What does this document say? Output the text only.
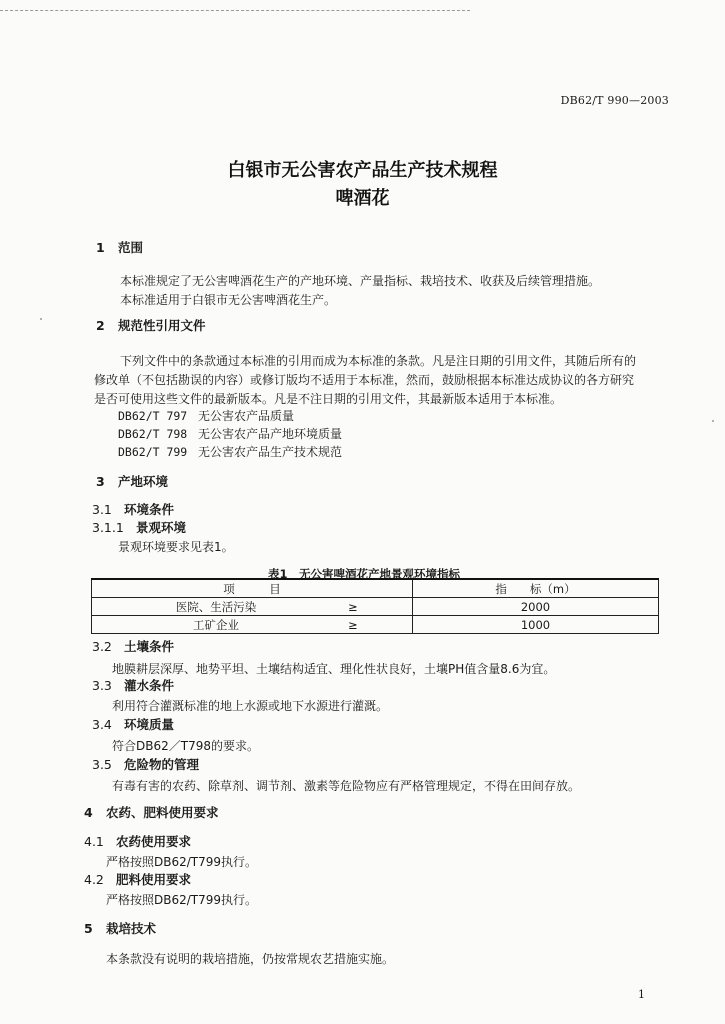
DB62/T 990—2003
白银市无公害农产品生产技术规程
啤酒花
1 范围
本标准规定了无公害啤酒花生产的产地环境、产量指标、栽培技术、收获及后续管理措施。
本标准适用于白银市无公害啤酒花生产。
2 规范性引用文件
下列文件中的条款通过本标准的引用而成为本标准的条款。凡是注日期的引用文件，其随后所有的
修改单（不包括勘误的内容）或修订版均不适用于本标准，然而，鼓励根据本标准达成协议的各方研究
是否可使用这些文件的最新版本。凡是不注日期的引用文件，其最新版本适用于本标准。
DB62/T 797 无公害农产品质量
DB62/T 798 无公害农产品产地环境质量
DB62/T 799 无公害农产品生产技术规范
3 产地环境
3.1 环境条件
3.1.1 景观环境
景观环境要求见表1。
表1　无公害啤酒花产地景观环境指标
项　　　目		指　　标（m）
医院、生活污染	≥	2000
工矿企业	≥	1000
3.2 土壤条件
地膜耕层深厚、地势平坦、土壤结构适宜、理化性状良好，土壤PH值含量8.6为宜。
3.3 灌水条件
利用符合灌溉标准的地上水源或地下水源进行灌溉。
3.4 环境质量
符合DB62／T798的要求。
3.5 危险物的管理
有毒有害的农药、除草剂、调节剂、激素等危险物应有严格管理规定，不得在田间存放。
4 农药、肥料使用要求
4.1 农药使用要求
严格按照DB62/T799执行。
4.2 肥料使用要求
严格按照DB62/T799执行。
5 栽培技术
本条款没有说明的栽培措施，仍按常规农艺措施实施。
1
